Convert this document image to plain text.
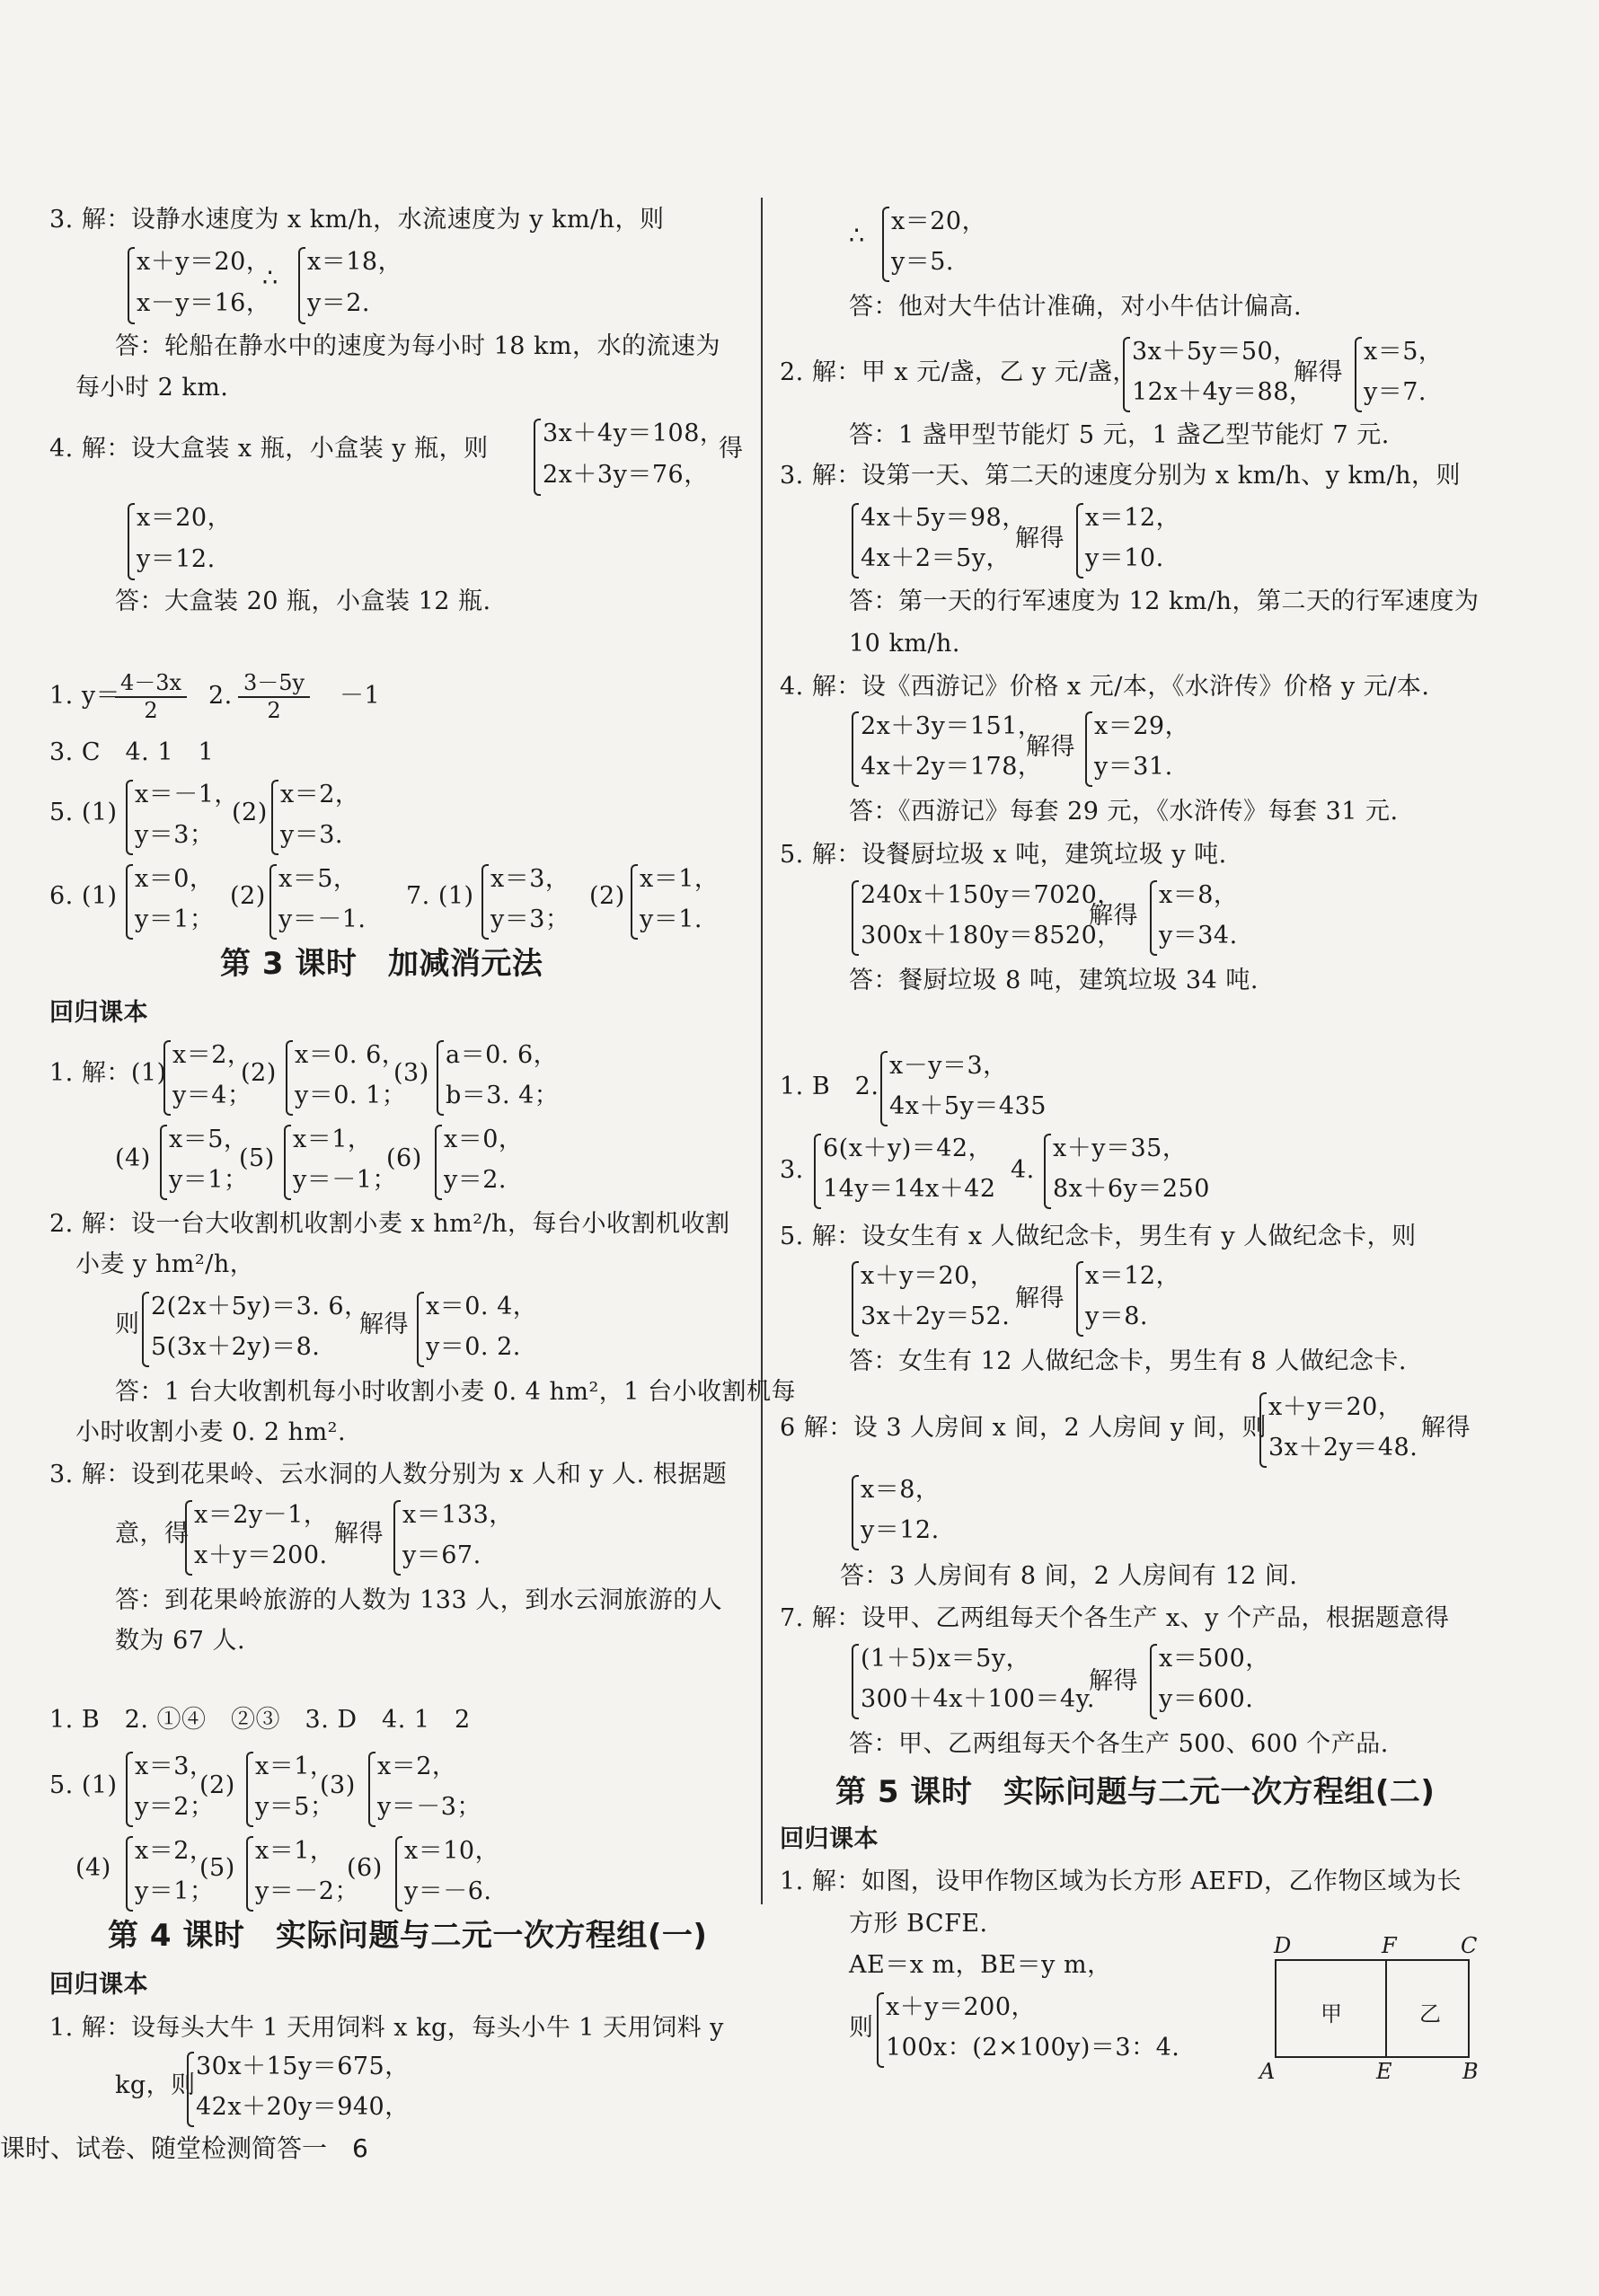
3. 解：设静水速度为 x km/h，水流速度为 y km/h，则
x＋y＝20，
x－y＝16，
∴
x＝18，
y＝2.
答：轮船在静水中的速度为每小时 18 km，水的流速为
每小时 2 km.
4. 解：设大盒装 x 瓶，小盒装 y 瓶，则
3x＋4y＝108，
2x＋3y＝76，
得
x＝20，
y＝12.
答：大盒装 20 瓶，小盒装 12 瓶.
1. y＝
$\frac{4-3x}{2} 2$. $\frac{3-5y}{2} -1$
3. C　4. 1　1
5. (1)
x＝－1，
y＝3；
(2)
x＝2，
y＝3.
6. (1)
x＝0，
y＝1；
(2)
x＝5，
y＝－1.
7. (1)
x＝3，
y＝3；
(2)
x＝1，
y＝1.
第 3 课时　加减消元法
回归课本
1. 解：(1)
x＝2，
y＝4；
(2)
x＝0. 6，
y＝0. 1；
(3)
a＝0. 6，
b＝3. 4；
(4)
x＝5，
y＝1；
(5)
x＝1，
y＝－1；
(6)
x＝0，
y＝2.
2. 解：设一台大收割机收割小麦 x hm²/h，每台小收割机收割
小麦 y hm²/h，
则
2(2x＋5y)＝3. 6，
5(3x＋2y)＝8.
解得
x＝0. 4，
y＝0. 2.
答：1 台大收割机每小时收割小麦 0. 4 hm²，1 台小收割机每
小时收割小麦 0. 2 hm².
3. 解：设到花果岭、云水洞的人数分别为 x 人和 y 人. 根据题
意，得
x＝2y－1，
x＋y＝200.
解得
x＝133，
y＝67.
答：到花果岭旅游的人数为 133 人，到水云洞旅游的人
数为 67 人.
1. B　2. ①④　②③　3. D　4. 1　2
5. (1)
x＝3，
y＝2；
(2)
x＝1，
y＝5；
(3)
x＝2，
y＝－3；
(4)
x＝2，
y＝1；
(5)
x＝1，
y＝－2；
(6)
x＝10，
y＝－6.
第 4 课时　实际问题与二元一次方程组(一)
回归课本
1. 解：设每头大牛 1 天用饲料 x kg，每头小牛 1 天用饲料 y
kg，则
30x＋15y＝675，
42x＋20y＝940，
∴
x＝20，
y＝5.
答：他对大牛估计准确，对小牛估计偏高.
2. 解：甲 x 元/盏，乙 y 元/盏，
3x＋5y＝50，
12x＋4y＝88，
解得
x＝5，
y＝7.
答：1 盏甲型节能灯 5 元，1 盏乙型节能灯 7 元.
3. 解：设第一天、第二天的速度分别为 x km/h、y km/h，则
4x＋5y＝98，
4x＋2＝5y，
解得
x＝12，
y＝10.
答：第一天的行军速度为 12 km/h，第二天的行军速度为
10 km/h.
4. 解：设《西游记》价格 x 元/本，《水浒传》价格 y 元/本.
2x＋3y＝151，
4x＋2y＝178，
解得
x＝29，
y＝31.
答：《西游记》每套 29 元，《水浒传》每套 31 元.
5. 解：设餐厨垃圾 x 吨，建筑垃圾 y 吨.
240x＋150y＝7020，
300x＋180y＝8520，
解得
x＝8，
y＝34.
答：餐厨垃圾 8 吨，建筑垃圾 34 吨.
1. B　2.
x－y＝3，
4x＋5y＝435
3.
6(x＋y)＝42，
14y＝14x＋42
4.
x＋y＝35，
8x＋6y＝250
5. 解：设女生有 x 人做纪念卡，男生有 y 人做纪念卡，则
x＋y＝20，
3x＋2y＝52.
解得
x＝12，
y＝8.
答：女生有 12 人做纪念卡，男生有 8 人做纪念卡.
6 解：设 3 人房间 x 间，2 人房间 y 间，则
x＋y＝20，
3x＋2y＝48.
解得
x＝8，
y＝12.
答：3 人房间有 8 间，2 人房间有 12 间.
7. 解：设甲、乙两组每天个各生产 x、y 个产品，根据题意得
(1＋5)x＝5y，
300＋4x＋100＝4y.
解得
x＝500，
y＝600.
答：甲、乙两组每天个各生产 500、600 个产品.
第 5 课时　实际问题与二元一次方程组(二)
回归课本
1. 解：如图，设甲作物区域为长方形 AEFD，乙作物区域为长
方形 BCFE.
AE＝x m，BE＝y m，
则
x＋y＝200，
100x：(2×100y)＝3：4.
D	F	C
A	E	B
甲	乙
课时、试卷、随堂检测简答一　6
